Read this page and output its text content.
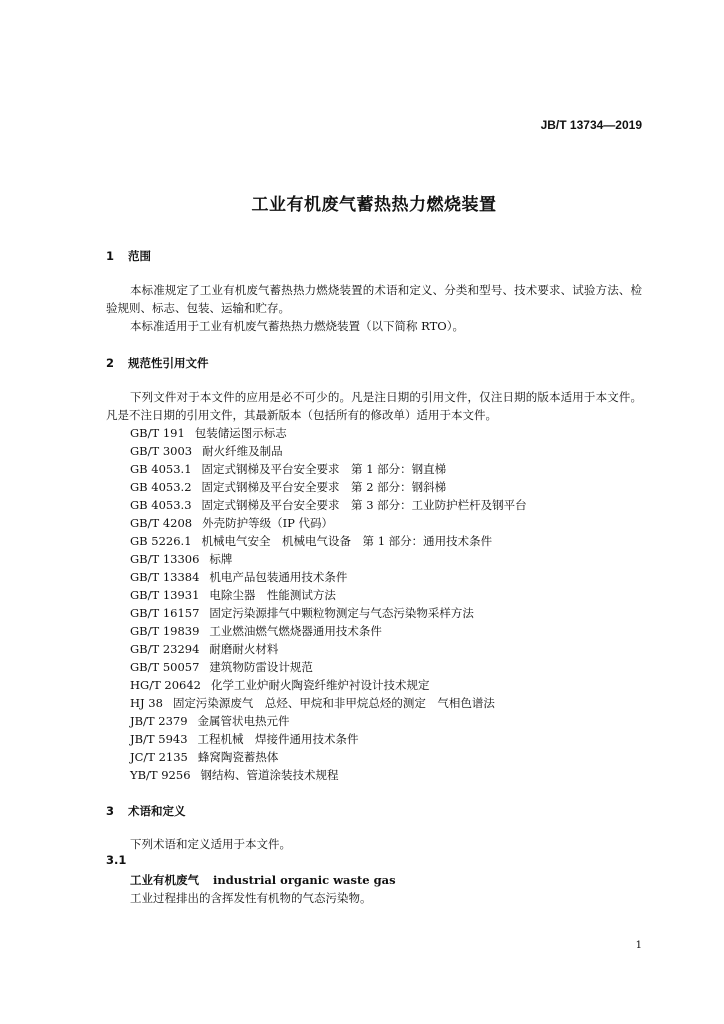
JB/T 13734—2019
工业有机废气蓄热热力燃烧装置
1 范围
本标准规定了工业有机废气蓄热热力燃烧装置的术语和定义、分类和型号、技术要求、试验方法、检验规则、标志、包装、运输和贮存。
本标准适用于工业有机废气蓄热热力燃烧装置（以下简称 RTO）。
2 规范性引用文件
下列文件对于本文件的应用是必不可少的。凡是注日期的引用文件，仅注日期的版本适用于本文件。凡是不注日期的引用文件，其最新版本（包括所有的修改单）适用于本文件。
GB/T 191 包装储运图示标志
GB/T 3003 耐火纤维及制品
GB 4053.1 固定式钢梯及平台安全要求　第 1 部分：钢直梯
GB 4053.2 固定式钢梯及平台安全要求　第 2 部分：钢斜梯
GB 4053.3 固定式钢梯及平台安全要求　第 3 部分：工业防护栏杆及钢平台
GB/T 4208 外壳防护等级（IP 代码）
GB 5226.1 机械电气安全　机械电气设备　第 1 部分：通用技术条件
GB/T 13306 标牌
GB/T 13384 机电产品包装通用技术条件
GB/T 13931 电除尘器　性能测试方法
GB/T 16157 固定污染源排气中颗粒物测定与气态污染物采样方法
GB/T 19839 工业燃油燃气燃烧器通用技术条件
GB/T 23294 耐磨耐火材料
GB/T 50057 建筑物防雷设计规范
HG/T 20642 化学工业炉耐火陶瓷纤维炉衬设计技术规定
HJ 38 固定污染源废气　总烃、甲烷和非甲烷总烃的测定　气相色谱法
JB/T 2379 金属管状电热元件
JB/T 5943 工程机械　焊接件通用技术条件
JC/T 2135 蜂窝陶瓷蓄热体
YB/T 9256 钢结构、管道涂装技术规程
3 术语和定义
下列术语和定义适用于本文件。
3.1
工业有机废气 industrial organic waste gas
工业过程排出的含挥发性有机物的气态污染物。
1
